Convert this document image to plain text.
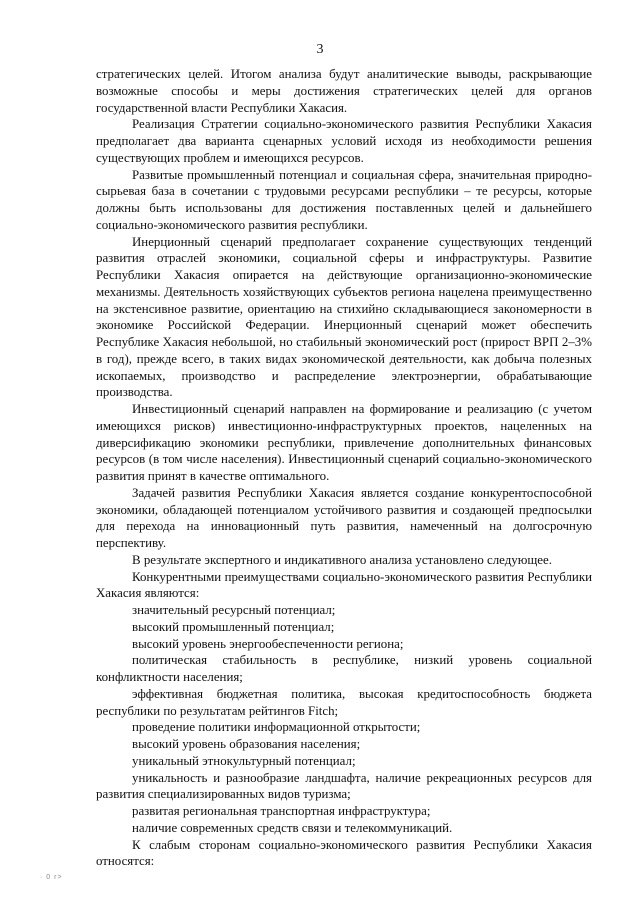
3

стратегических целей. Итогом анализа будут аналитические выводы, раскрывающие возможные способы и меры достижения стратегических целей для органов государственной власти Республики Хакасия.

Реализация Стратегии социально-экономического развития Республики Хакасия предполагает два варианта сценарных условий исходя из необходимости решения существующих проблем и имеющихся ресурсов.

Развитые промышленный потенциал и социальная сфера, значительная природно-сырьевая база в сочетании с трудовыми ресурсами республики – те ресурсы, которые должны быть использованы для достижения поставленных целей и дальнейшего социально-экономического развития республики.

Инерционный сценарий предполагает сохранение существующих тенденций развития отраслей экономики, социальной сферы и инфраструктуры. Развитие Республики Хакасия опирается на действующие организационно-экономические механизмы. Деятельность хозяйствующих субъектов региона нацелена преимущественно на экстенсивное развитие, ориентацию на стихийно складывающиеся закономерности в экономике Российской Федерации. Инерционный сценарий может обеспечить Республике Хакасия небольшой, но стабильный экономический рост (прирост ВРП 2–3% в год), прежде всего, в таких видах экономической деятельности, как добыча полезных ископаемых, производство и распределение электроэнергии, обрабатывающие производства.

Инвестиционный сценарий направлен на формирование и реализацию (с учетом имеющихся рисков) инвестиционно-инфраструктурных проектов, нацеленных на диверсификацию экономики республики, привлечение дополнительных финансовых ресурсов (в том числе населения). Инвестиционный сценарий социально-экономического развития принят в качестве оптимального.

Задачей развития Республики Хакасия является создание конкурентоспособной экономики, обладающей потенциалом устойчивого развития и создающей предпосылки для перехода на инновационный путь развития, намеченный на долгосрочную перспективу.

В результате экспертного и индикативного анализа установлено следующее.

Конкурентными преимуществами социально-экономического развития Республики Хакасия являются:

значительный ресурсный потенциал;

высокий промышленный потенциал;

высокий уровень энергообеспеченности региона;

политическая стабильность в республике, низкий уровень социальной конфликтности населения;

эффективная бюджетная политика, высокая кредитоспособность бюджета республики по результатам рейтингов Fitch;

проведение политики информационной открытости;

высокий уровень образования населения;

уникальный этнокультурный потенциал;

уникальность и разнообразие ландшафта, наличие рекреационных ресурсов для развития специализированных видов туризма;

развитая региональная транспортная инфраструктура;

наличие современных средств связи и телекоммуникаций.

К слабым сторонам социально-экономического развития Республики Хакасия относятся:

· 0 r>
